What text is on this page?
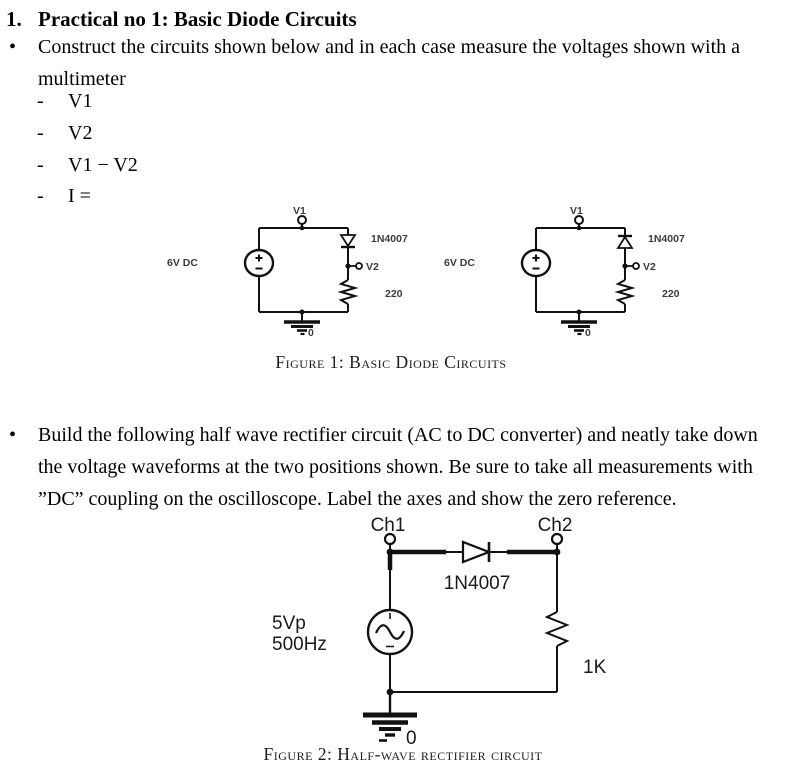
1. Practical no 1: Basic Diode Circuits
• Construct the circuits shown below and in each case measure the voltages shown with a
multimeter
- V1
- V2
- V1 − V2
- I =
V1
6V DC
1N4007
V2
220
0
V1
6V DC
1N4007
V2
220
0
Figure 1: Basic Diode Circuits
• Build the following half wave rectifier circuit (AC to DC converter) and neatly take down
the voltage waveforms at the two positions shown. Be sure to take all measurements with
”DC” coupling on the oscilloscope. Label the axes and show the zero reference.
Ch1	Ch2
1N4007
5Vp
500Hz
1K
0
Figure 2: Half-wave rectifier circuit
